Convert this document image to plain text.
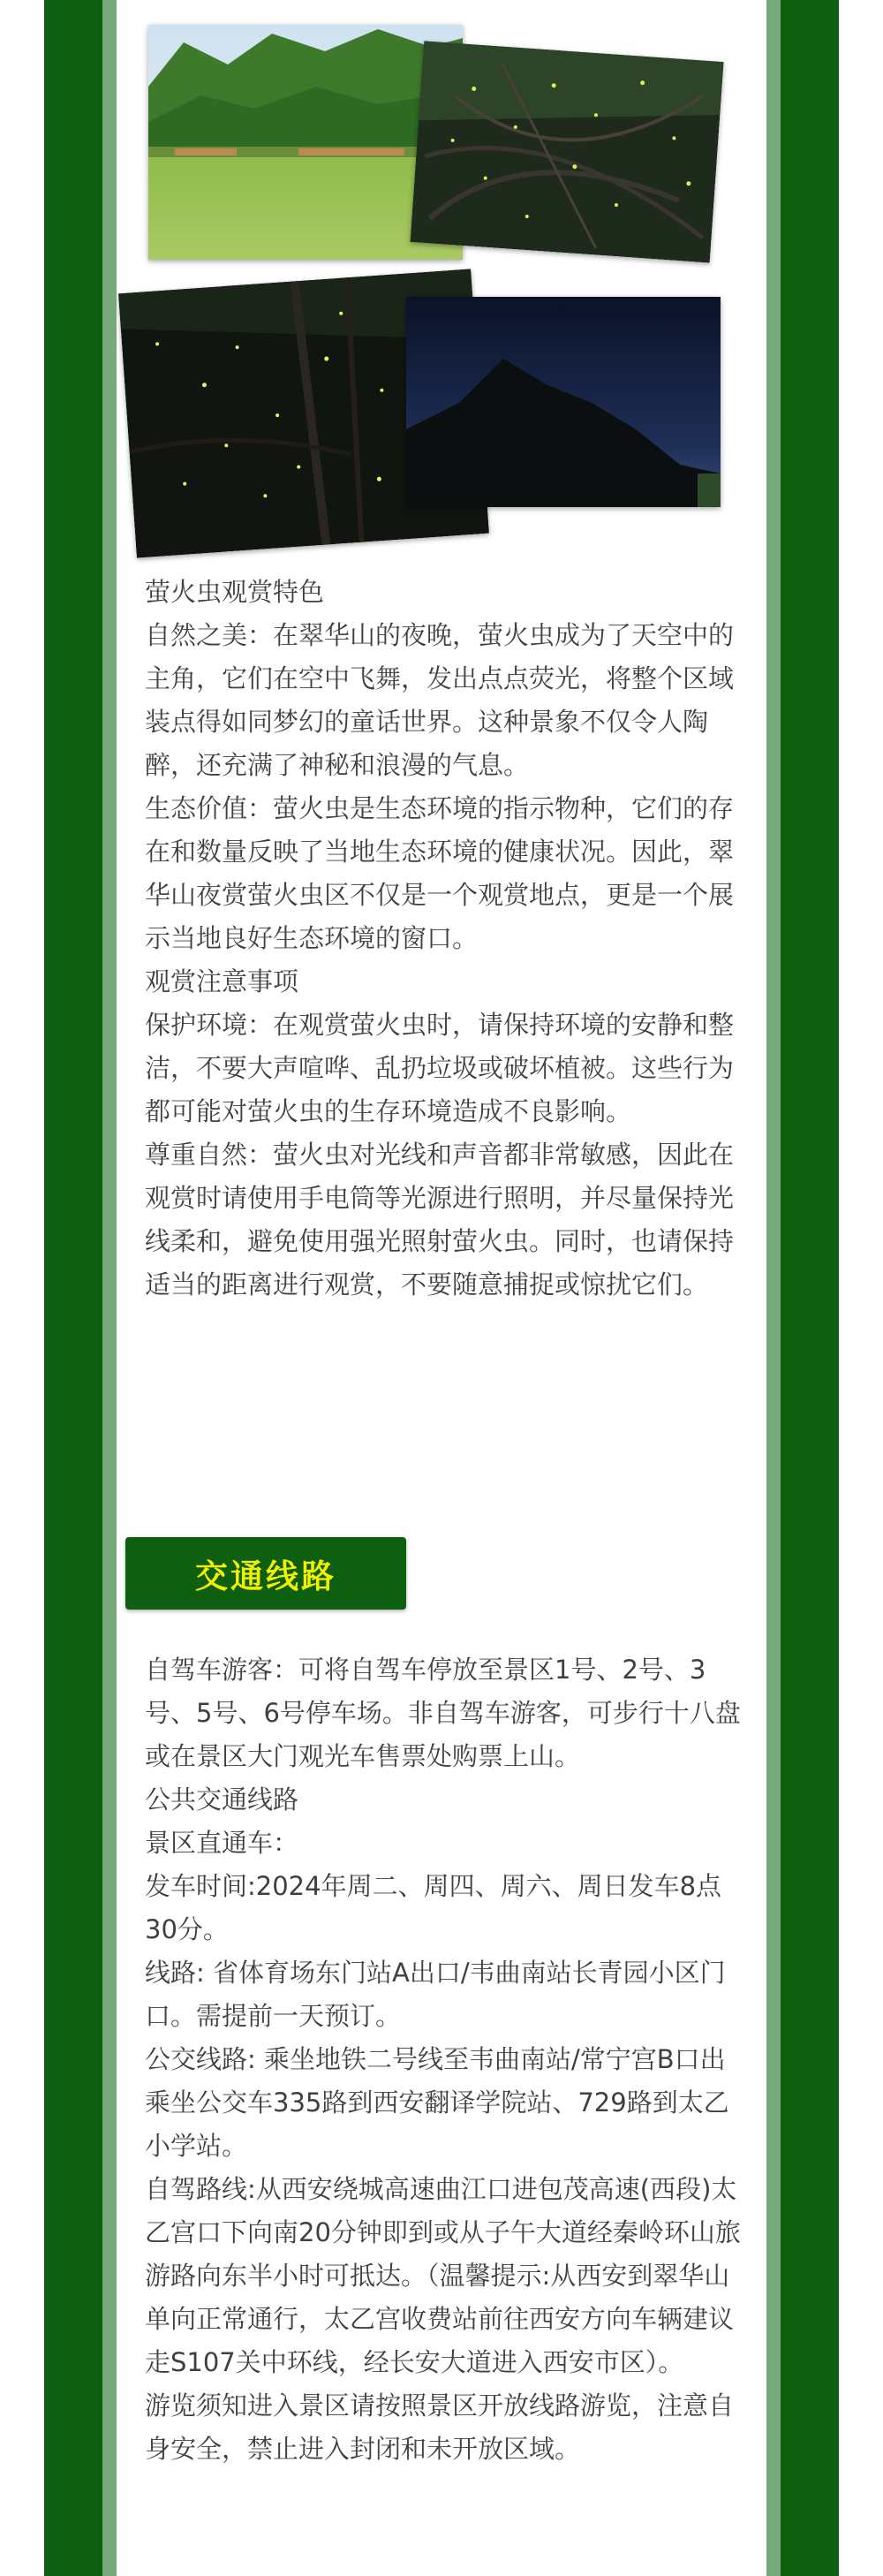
萤火虫观赏特色

自然之美：在翠华山的夜晚，萤火虫成为了天空中的主角，它们在空中飞舞，发出点点荧光，将整个区域装点得如同梦幻的童话世界。这种景象不仅令人陶醉，还充满了神秘和浪漫的气息。

生态价值：萤火虫是生态环境的指示物种，它们的存在和数量反映了当地生态环境的健康状况。因此，翠华山夜赏萤火虫区不仅是一个观赏地点，更是一个展示当地良好生态环境的窗口。

观赏注意事项

保护环境：在观赏萤火虫时，请保持环境的安静和整洁，不要大声喧哗、乱扔垃圾或破坏植被。这些行为都可能对萤火虫的生存环境造成不良影响。

尊重自然：萤火虫对光线和声音都非常敏感，因此在观赏时请使用手电筒等光源进行照明，并尽量保持光线柔和，避免使用强光照射萤火虫。同时，也请保持适当的距离进行观赏，不要随意捕捉或惊扰它们。

交通线路

自驾车游客：可将自驾车停放至景区1号、2号、3号、5号、6号停车场。非自驾车游客，可步行十八盘或在景区大门观光车售票处购票上山。

公共交通线路

景区直通车：

发车时间:2024年周二、周四、周六、周日发车8点30分。

线路: 省体育场东门站A出口/韦曲南站长青园小区门口。需提前一天预订。

公交线路: 乘坐地铁二号线至韦曲南站/常宁宫B口出乘坐公交车335路到西安翻译学院站、729路到太乙小学站。

自驾路线:从西安绕城高速曲江口进包茂高速(西段)太乙宫口下向南20分钟即到或从子午大道经秦岭环山旅游路向东半小时可抵达。（温馨提示:从西安到翠华山单向正常通行，太乙宫收费站前往西安方向车辆建议走S107关中环线，经长安大道进入西安市区）。

游览须知进入景区请按照景区开放线路游览，注意自身安全，禁止进入封闭和未开放区域。
